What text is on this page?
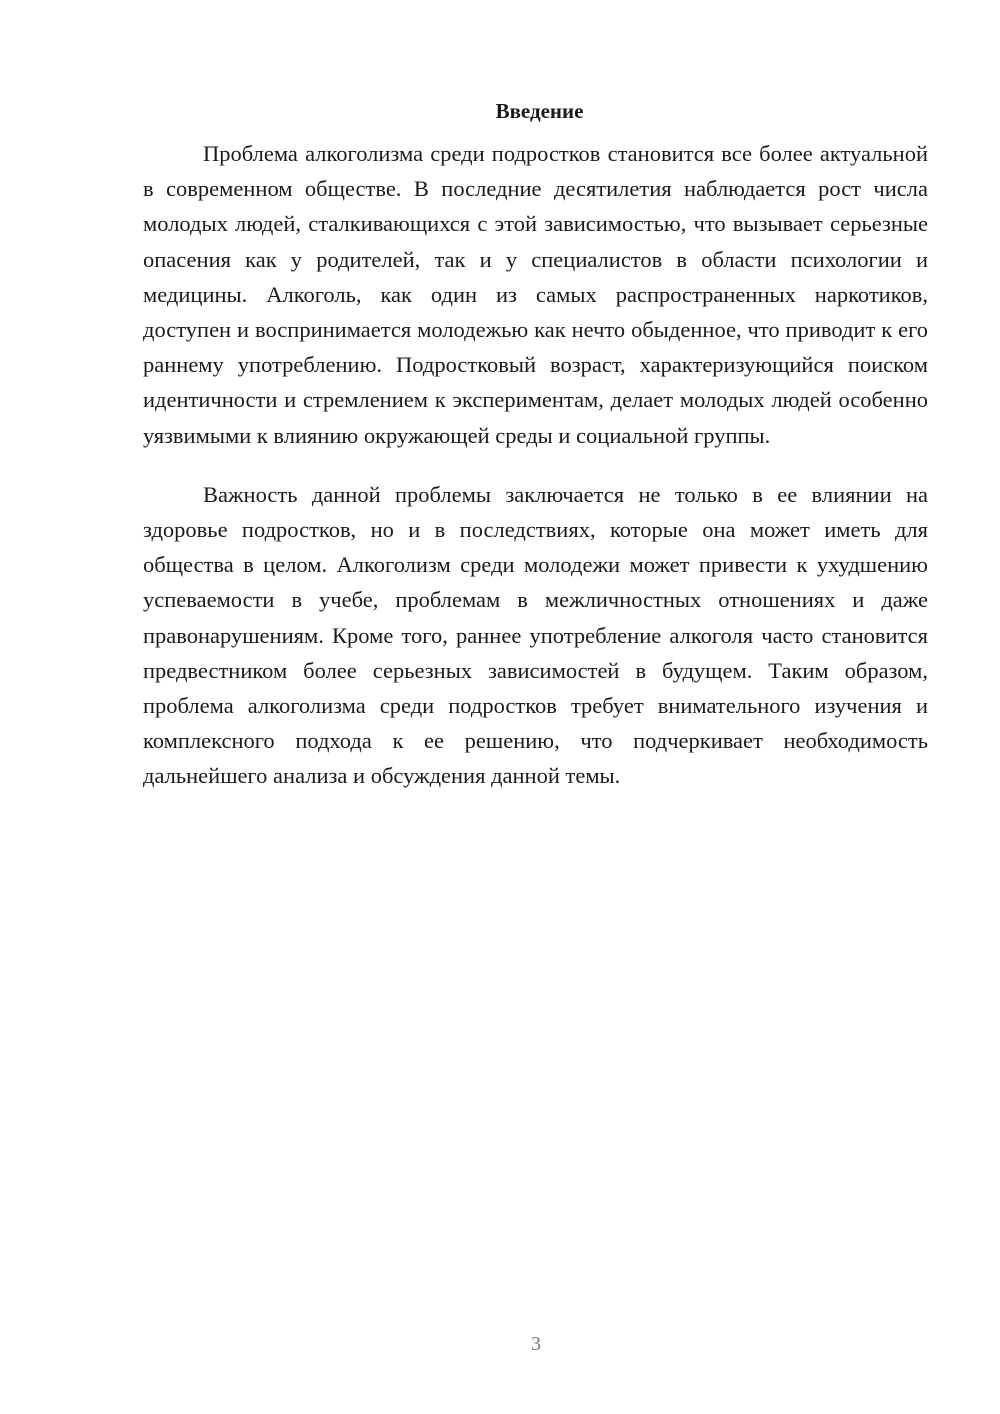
Введение

Проблема алкоголизма среди подростков становится все более актуальной в современном обществе. В последние десятилетия наблюдается рост числа молодых людей, сталкивающихся с этой зависимостью, что вызывает серьезные опасения как у родителей, так и у специалистов в области психологии и медицины. Алкоголь, как один из самых распространенных наркотиков, доступен и воспринимается молодежью как нечто обыденное, что приводит к его раннему употреблению. Подростковый возраст, характеризующийся поиском идентичности и стремлением к экспериментам, делает молодых людей особенно уязвимыми к влиянию окружающей среды и социальной группы.

Важность данной проблемы заключается не только в ее влиянии на здоровье подростков, но и в последствиях, которые она может иметь для общества в целом. Алкоголизм среди молодежи может привести к ухудшению успеваемости в учебе, проблемам в межличностных отношениях и даже правонарушениям. Кроме того, раннее употребление алкоголя часто становится предвестником более серьезных зависимостей в будущем. Таким образом, проблема алкоголизма среди подростков требует внимательного изучения и комплексного подхода к ее решению, что подчеркивает необходимость дальнейшего анализа и обсуждения данной темы.

3
